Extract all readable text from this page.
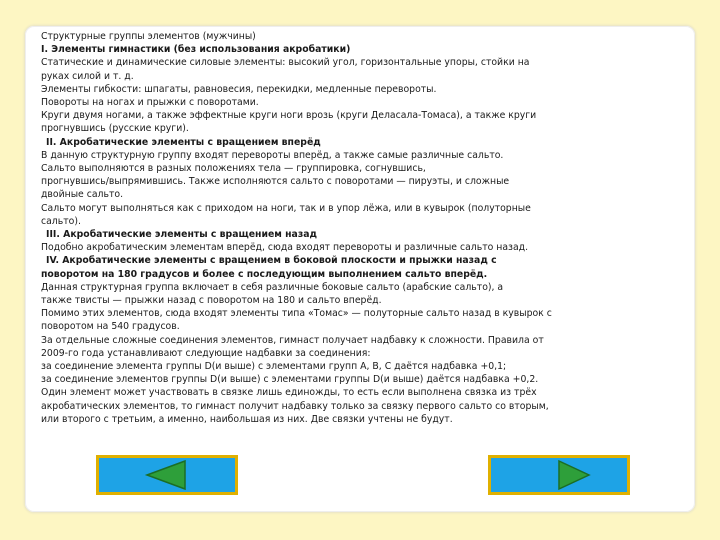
Структурные группы элементов (мужчины)

I. Элементы гимнастики (без использования акробатики)

Статические и динамические силовые элементы: высокий угол, горизонтальные упоры, стойки на

руках силой и т. д.

Элементы гибкости: шпагаты, равновесия, перекидки, медленные перевороты.

Повороты на ногах и прыжки с поворотами.

Круги двумя ногами, а также эффектные круги ноги врозь (круги Деласала-Томаса), а также круги

прогнувшись (русские круги).

II. Акробатические элементы с вращением вперёд

В данную структурную группу входят перевороты вперёд, а также самые различные сальто.

Сальто выполняются в разных положениях тела — группировка, согнувшись,

прогнувшись/выпрямившись. Также исполняются сальто с поворотами — пируэты, и сложные

двойные сальто.

Сальто могут выполняться как с приходом на ноги, так и в упор лёжа, или в кувырок (полуторные

сальто).

III. Акробатические элементы с вращением назад

Подобно акробатическим элементам вперёд, сюда входят перевороты и различные сальто назад.

IV. Акробатические элементы с вращением в боковой плоскости и прыжки назад с

поворотом на 180 градусов и более с последующим выполнением сальто вперёд.

Данная структурная группа включает в себя различные боковые сальто (арабские сальто), а

также твисты — прыжки назад с поворотом на 180 и сальто вперёд.

Помимо этих элементов, сюда входят элементы типа «Томас» — полуторные сальто назад в кувырок с

поворотом на 540 градусов.

За отдельные сложные соединения элементов, гимнаст получает надбавку к сложности. Правила от

2009-го года устанавливают следующие надбавки за соединения:

за соединение элемента группы D(и выше) с элементами групп А, В, С даётся надбавка +0,1;

за соединение элементов группы D(и выше) с элементами группы D(и выше) даётся надбавка +0,2.

Один элемент может участвовать в связке лишь единожды, то есть если выполнена связка из трёх

акробатических элементов, то гимнаст получит надбавку только за связку первого сальто со вторым,

или второго с третьим, а именно, наибольшая из них. Две связки учтены не будут.
